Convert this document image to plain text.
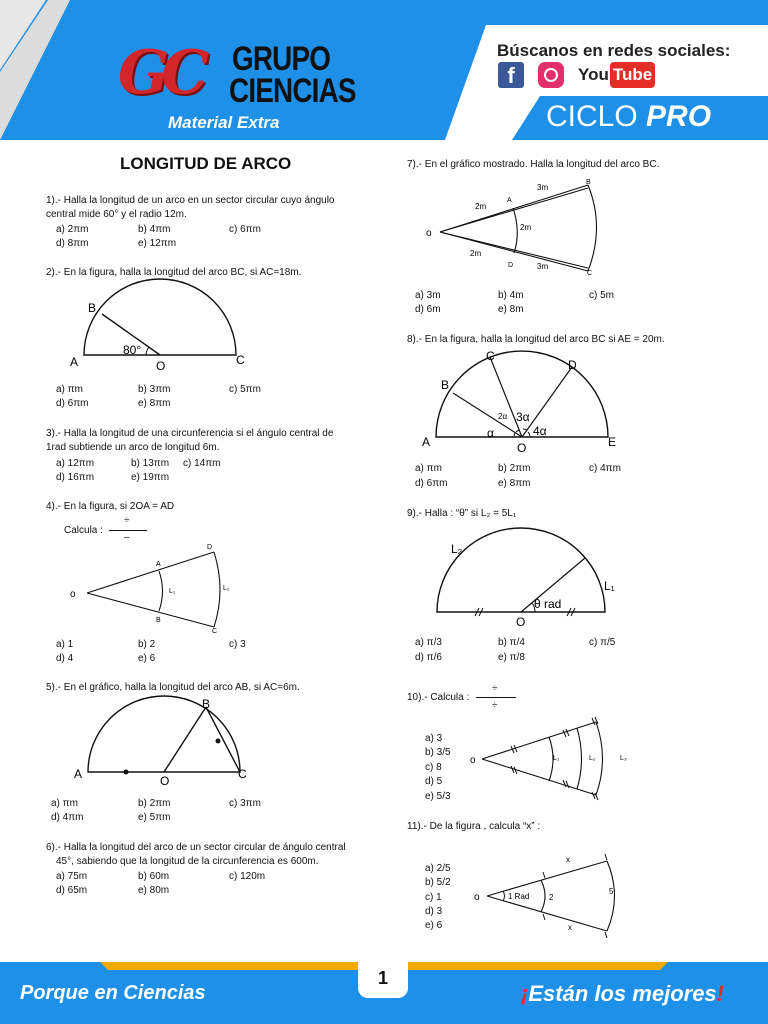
GC GRUPO
CIENCIAS
Material Extra
Búscanos en redes sociales:
f	You Tube
CICLO PRO
LONGITUD DE ARCO
1).- Halla la longitud de un arco en un sector circular cuyo ángulo
central mide 60° y el radio 12m.
a) 2πm	b) 4πm	c) 6πm
d) 8πm	e) 12πm
2).- En la figura, halla la longitud del arco BC, si AC=18m.
B
A	C
O
80°
a) πm	b) 3πm	c) 5πm
d) 6πm	e) 8πm
3).- Halla la longitud de una circunferencia si el ángulo central de
1rad subtiende un arco de longitud 6m.
a) 12πm	b) 13πm c) 14πm
d) 16πm	e) 19πm
4).- En la figura, si 2OA = AD
Calcula :
÷
–
o
A
B
C
D
L₁	L₂
a) 1	b) 2	c) 3
d) 4	e) 6
5).- En el gráfico, halla la longitud del arco AB, si AC=6m.
B
A	C
O
a) πm	b) 2πm	c) 3πm
d) 4πm	e) 5πm
6).- Halla la longitud del arco de un sector circular de ángulo central
45°, sabiendo que la longitud de la circunferencia es 600m.
a) 75m	b) 60m	c) 120m
d) 65m	e) 80m
7).- En el gráfico mostrado. Halla la longitud del arco BC.
o
A
B
C
D
2m
3m
2m
2m
3m
a) 3m	b) 4m	c) 5m
d) 6m	e) 8m
8).- En la figura, halla la longitud del arco BC si AE = 20m.
C
B
D
A	E
O
α
2α 3α
4α
a) πm	b) 2πm	c) 4πm
d) 6πm	e) 8πm
9).- Halla : “θ” si L₂ = 5L₁
L₂
L₁
O
θ rad
a) π/3	b) π/4	c) π/5
d) π/6	e) π/8
10).- Calcula :
÷
÷
a) 3
b) 3/5
c) 8
d) 5
e) 5/3
o	L₁	L₂	L₃
11).- De la figura , calcula “x” :
a) 2/5
b) 5/2
c) 1
d) 3
e) 6
o	1 Rad 2
5
x
x
1
Porque en Ciencias	¡Están los mejores!
